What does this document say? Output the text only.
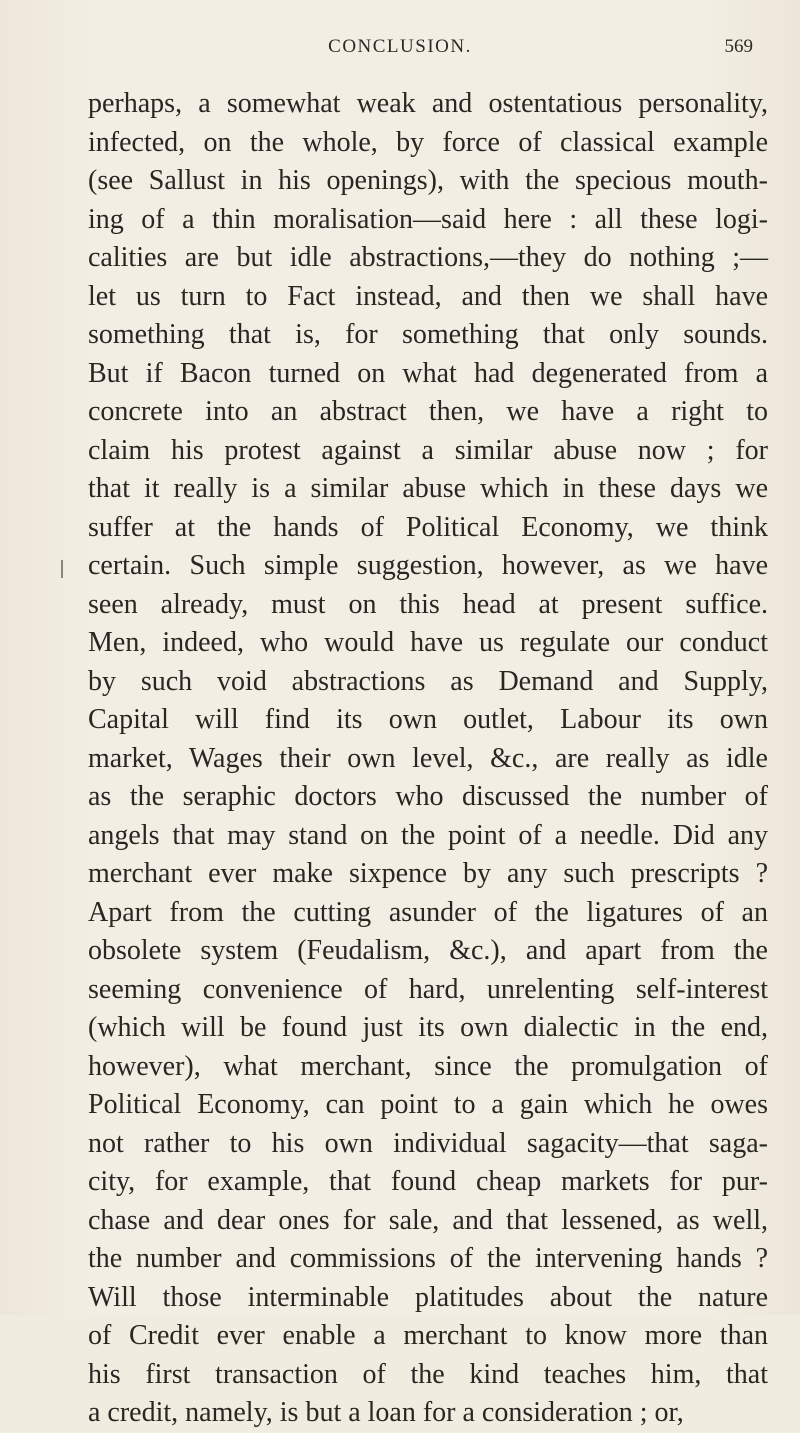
CONCLUSION.	569
perhaps, a somewhat weak and ostentatious personality,
infected, on the whole, by force of classical example
(see Sallust in his openings), with the specious mouth-
ing of a thin moralisation—said here : all these logi-
calities are but idle abstractions,—they do nothing ;—
let us turn to Fact instead, and then we shall have
something that is, for something that only sounds.
But if Bacon turned on what had degenerated from a
concrete into an abstract then, we have a right to
claim his protest against a similar abuse now ; for
that it really is a similar abuse which in these days we
suffer at the hands of Political Economy, we think
certain. Such simple suggestion, however, as we have
seen already, must on this head at present suffice.
Men, indeed, who would have us regulate our conduct
by such void abstractions as Demand and Supply,
Capital will find its own outlet, Labour its own
market, Wages their own level, &c., are really as idle
as the seraphic doctors who discussed the number of
angels that may stand on the point of a needle. Did any
merchant ever make sixpence by any such prescripts ?
Apart from the cutting asunder of the ligatures of an
obsolete system (Feudalism, &c.), and apart from the
seeming convenience of hard, unrelenting self-interest
(which will be found just its own dialectic in the end,
however), what merchant, since the promulgation of
Political Economy, can point to a gain which he owes
not rather to his own individual sagacity—that saga-
city, for example, that found cheap markets for pur-
chase and dear ones for sale, and that lessened, as well,
the number and commissions of the intervening hands ?
Will those interminable platitudes about the nature
of Credit ever enable a merchant to know more than
his first transaction of the kind teaches him, that
a credit, namely, is but a loan for a consideration ; or,
